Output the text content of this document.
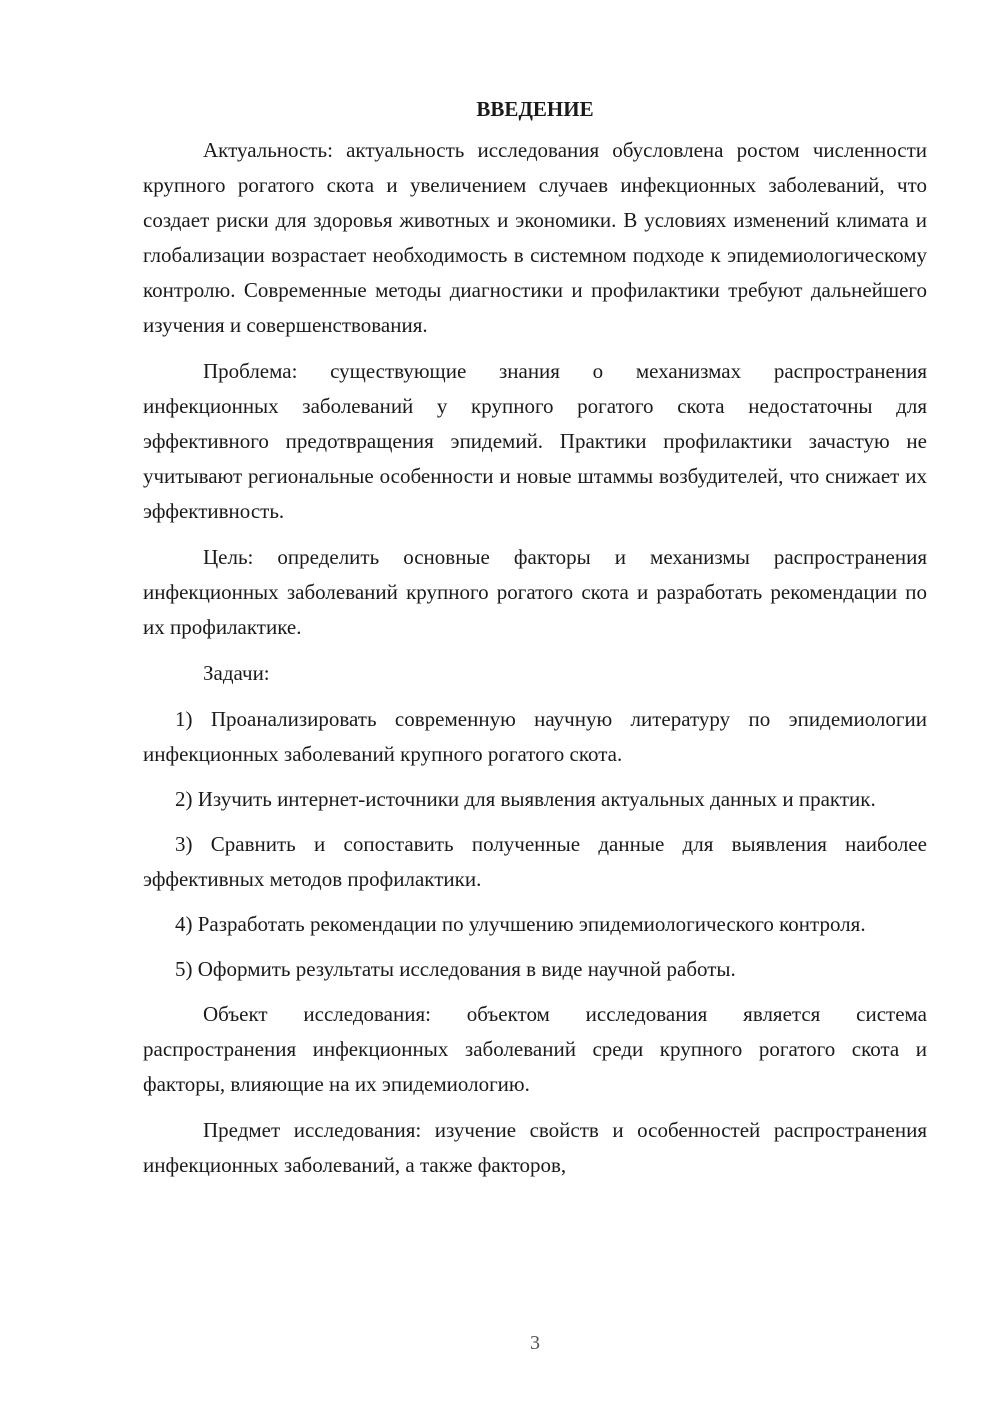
ВВЕДЕНИЕ

Актуальность: актуальность исследования обусловлена ростом численности крупного рогатого скота и увеличением случаев инфекционных заболеваний, что создает риски для здоровья животных и экономики. В условиях изменений климата и глобализации возрастает необходимость в системном подходе к эпидемиологическому контролю. Современные методы диагностики и профилактики требуют дальнейшего изучения и совершенствования.

Проблема: существующие знания о механизмах распространения инфекционных заболеваний у крупного рогатого скота недостаточны для эффективного предотвращения эпидемий. Практики профилактики зачастую не учитывают региональные особенности и новые штаммы возбудителей, что снижает их эффективность.

Цель: определить основные факторы и механизмы распространения инфекционных заболеваний крупного рогатого скота и разработать рекомендации по их профилактике.

Задачи:

1) Проанализировать современную научную литературу по эпидемиологии инфекционных заболеваний крупного рогатого скота.

2) Изучить интернет-источники для выявления актуальных данных и практик.

3) Сравнить и сопоставить полученные данные для выявления наиболее эффективных методов профилактики.

4) Разработать рекомендации по улучшению эпидемиологического контроля.

5) Оформить результаты исследования в виде научной работы.

Объект исследования: объектом исследования является система распространения инфекционных заболеваний среди крупного рогатого скота и факторы, влияющие на их эпидемиологию.

Предмет исследования: изучение свойств и особенностей распространения инфекционных заболеваний, а также факторов,

3
